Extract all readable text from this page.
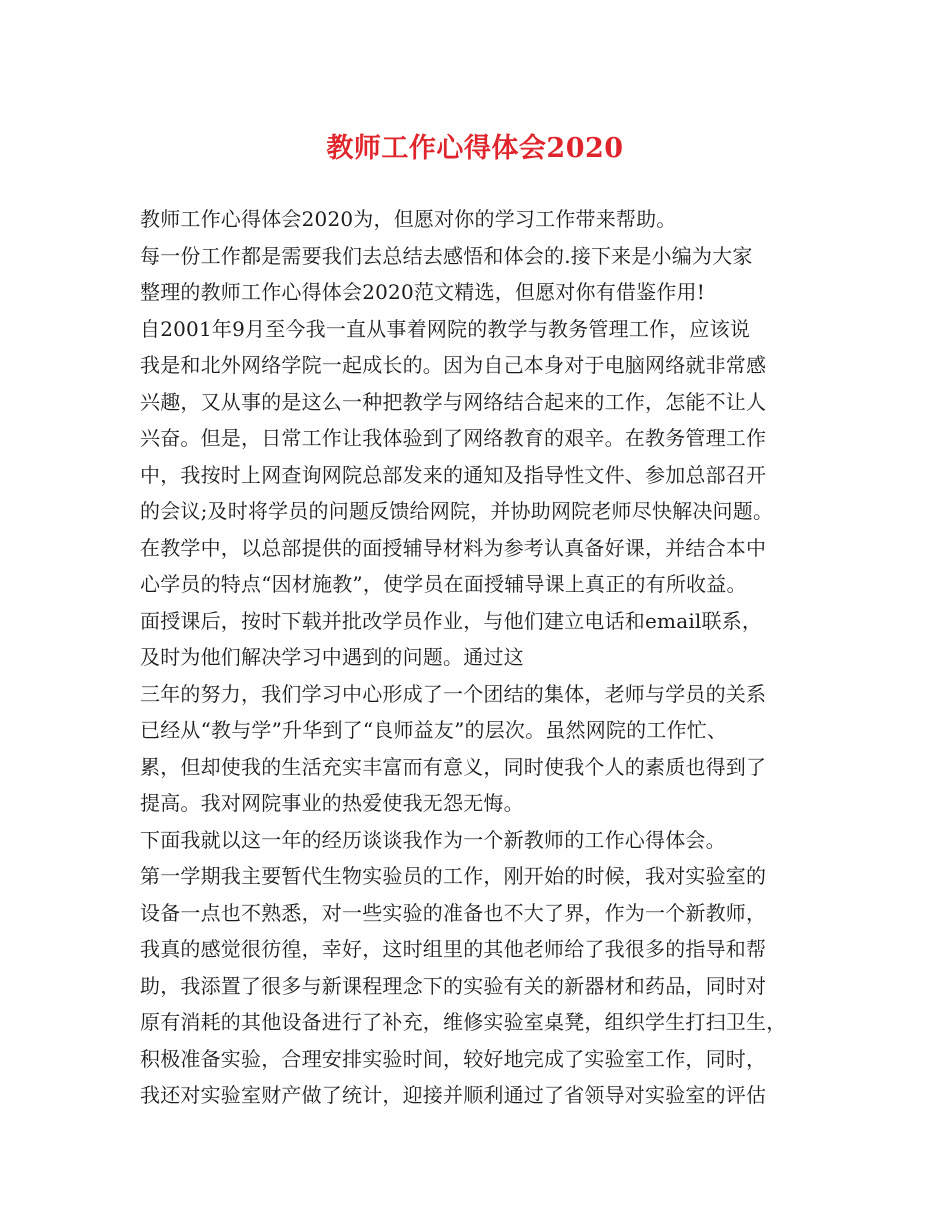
教师工作心得体会2020
教师工作心得体会2020为，但愿对你的学习工作带来帮助。
每一份工作都是需要我们去总结去感悟和体会的.接下来是小编为大家
整理的教师工作心得体会2020范文精选，但愿对你有借鉴作用!
自2001年9月至今我一直从事着网院的教学与教务管理工作，应该说
我是和北外网络学院一起成长的。因为自己本身对于电脑网络就非常感
兴趣，又从事的是这么一种把教学与网络结合起来的工作，怎能不让人
兴奋。但是，日常工作让我体验到了网络教育的艰辛。在教务管理工作
中，我按时上网查询网院总部发来的通知及指导性文件、参加总部召开
的会议;及时将学员的问题反馈给网院，并协助网院老师尽快解决问题。
在教学中，以总部提供的面授辅导材料为参考认真备好课，并结合本中
心学员的特点“因材施教”，使学员在面授辅导课上真正的有所收益。
面授课后，按时下载并批改学员作业，与他们建立电话和email联系，
及时为他们解决学习中遇到的问题。通过这
三年的努力，我们学习中心形成了一个团结的集体，老师与学员的关系
已经从“教与学”升华到了“良师益友”的层次。虽然网院的工作忙、
累，但却使我的生活充实丰富而有意义，同时使我个人的素质也得到了
提高。我对网院事业的热爱使我无怨无悔。
下面我就以这一年的经历谈谈我作为一个新教师的工作心得体会。
第一学期我主要暂代生物实验员的工作，刚开始的时候，我对实验室的
设备一点也不熟悉，对一些实验的准备也不大了界，作为一个新教师，
我真的感觉很彷徨，幸好，这时组里的其他老师给了我很多的指导和帮
助，我添置了很多与新课程理念下的实验有关的新器材和药品，同时对
原有消耗的其他设备进行了补充，维修实验室桌凳，组织学生打扫卫生，
积极准备实验，合理安排实验时间，较好地完成了实验室工作，同时，
我还对实验室财产做了统计，迎接并顺利通过了省领导对实验室的评估
